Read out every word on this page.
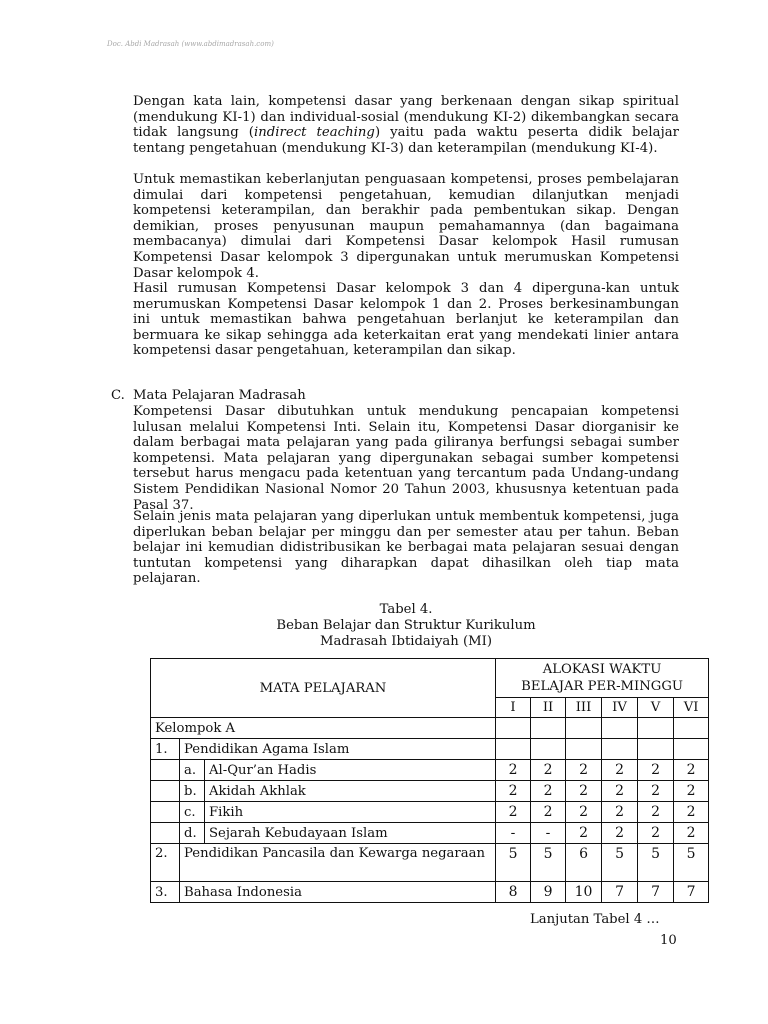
Doc. Abdi Madrasah (www.abdimadrasah.com)
Dengan kata lain, kompetensi dasar yang berkenaan dengan sikap spiritual (mendukung KI-1) dan individual-sosial (mendukung KI-2) dikembangkan secara tidak langsung (indirect teaching) yaitu pada waktu peserta didik belajar tentang pengetahuan (mendukung KI-3) dan keterampilan (mendukung KI-4).
Untuk memastikan keberlanjutan penguasaan kompetensi, proses pembelajaran dimulai dari kompetensi pengetahuan, kemudian dilanjutkan menjadi kompetensi keterampilan, dan berakhir pada pembentukan sikap. Dengan demikian, proses penyusunan maupun pemahamannya (dan bagaimana membacanya) dimulai dari Kompetensi Dasar kelompok Hasil rumusan Kompetensi Dasar kelompok 3 dipergunakan untuk merumuskan Kompetensi Dasar kelompok 4.
Hasil rumusan Kompetensi Dasar kelompok 3 dan 4 diperguna-kan untuk merumuskan Kompetensi Dasar kelompok 1 dan 2. Proses berkesinambungan ini untuk memastikan bahwa pengetahuan berlanjut ke keterampilan dan bermuara ke sikap sehingga ada keterkaitan erat yang mendekati linier antara kompetensi dasar pengetahuan, keterampilan dan sikap.
C. Mata Pelajaran Madrasah
Kompetensi Dasar dibutuhkan untuk mendukung pencapaian kompetensi lulusan melalui Kompetensi Inti. Selain itu, Kompetensi Dasar diorganisir ke dalam berbagai mata pelajaran yang pada giliranya berfungsi sebagai sumber kompetensi. Mata pelajaran yang dipergunakan sebagai sumber kompetensi tersebut harus mengacu pada ketentuan yang tercantum pada Undang-undang Sistem Pendidikan Nasional Nomor 20 Tahun 2003, khususnya ketentuan pada Pasal 37.
Selain jenis mata pelajaran yang diperlukan untuk membentuk kompetensi, juga diperlukan beban belajar per minggu dan per semester atau per tahun. Beban belajar ini kemudian didistribusikan ke berbagai mata pelajaran sesuai dengan tuntutan kompetensi yang diharapkan dapat dihasilkan oleh tiap mata pelajaran.
Tabel 4.
Beban Belajar dan Struktur Kurikulum
Madrasah Ibtidaiyah (MI)
MATA PELAJARAN			ALOKASI WAKTU
BELAJAR PER-MINGGU					
			I	II	III	IV	V	VI
Kelompok A								
1.	Pendidikan Agama Islam							
	a.	Al-Qur’an Hadis	2	2	2	2	2	2
	b.	Akidah Akhlak	2	2	2	2	2	2
	c.	Fikih	2	2	2	2	2	2
	d.	Sejarah Kebudayaan Islam	-	-	2	2	2	2
2.	Pendidikan Pancasila dan Kewarga negaraan		5	5	6	5	5	5
3.	Bahasa Indonesia		8	9	10	7	7	7
Lanjutan Tabel 4 …
10
